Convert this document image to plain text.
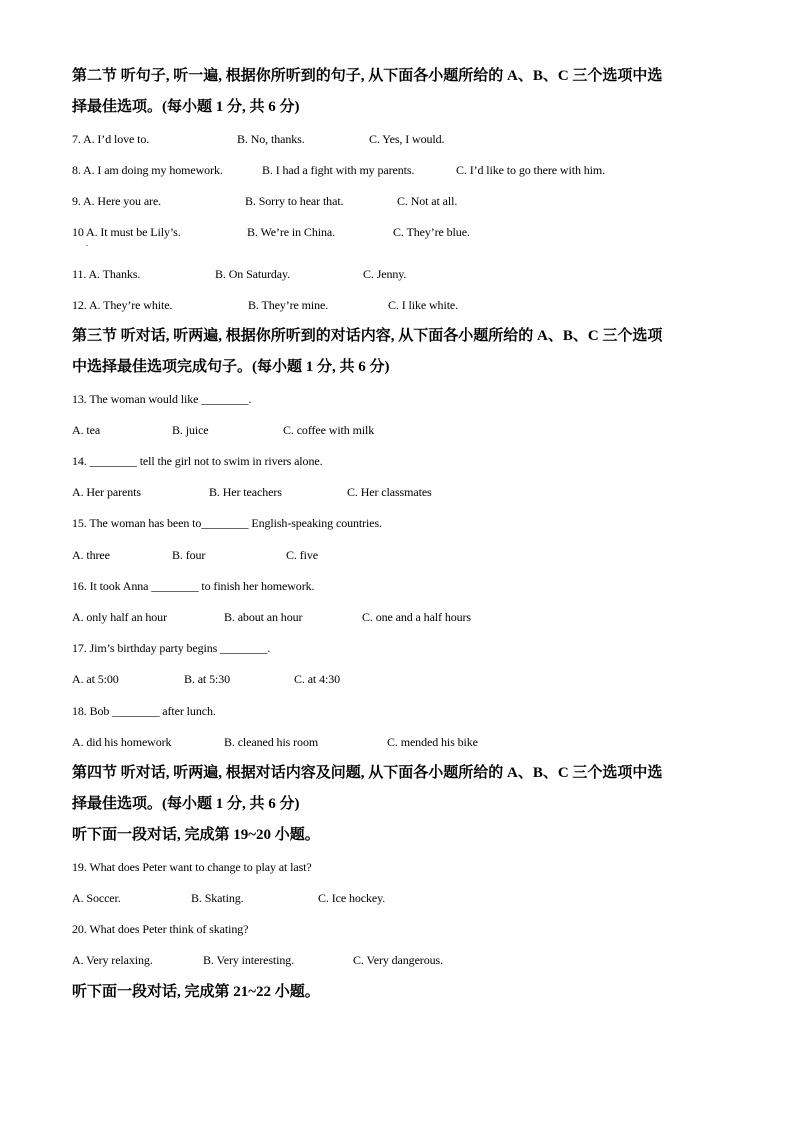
第二节 听句子, 听一遍, 根据你所听到的句子, 从下面各小题所给的 A、B、C 三个选项中选
择最佳选项。(每小题 1 分, 共 6 分)
7. A. I’d love to.	B. No, thanks.	C. Yes, I would.
8. A. I am doing my homework.	B. I had a fight with my parents.	C. I’d like to go there with him.
9. A. Here you are.	B. Sorry to hear that.	C. Not at all.
10 A. It must be Lily’s.	B. We’re in China.	C. They’re blue.
.
11. A. Thanks.	B. On Saturday.	C. Jenny.
12. A. They’re white.	B. They’re mine.	C. I like white.
第三节 听对话, 听两遍, 根据你所听到的对话内容, 从下面各小题所给的 A、B、C 三个选项
中选择最佳选项完成句子。(每小题 1 分, 共 6 分)
13. The woman would like ________.
A. tea	B. juice	C. coffee with milk
14. ________ tell the girl not to swim in rivers alone.
A. Her parents	B. Her teachers	C. Her classmates
15. The woman has been to________ English-speaking countries.
A. three	B. four	C. five
16. It took Anna ________ to finish her homework.
A. only half an hour	B. about an hour	C. one and a half hours
17. Jim’s birthday party begins ________.
A. at 5:00	B. at 5:30	C. at 4:30
18. Bob ________ after lunch.
A. did his homework	B. cleaned his room	C. mended his bike
第四节 听对话, 听两遍, 根据对话内容及问题, 从下面各小题所给的 A、B、C 三个选项中选
择最佳选项。(每小题 1 分, 共 6 分)
听下面一段对话, 完成第 19~20 小题。
19. What does Peter want to change to play at last?
A. Soccer.	B. Skating.	C. Ice hockey.
20. What does Peter think of skating?
A. Very relaxing.	B. Very interesting.	C. Very dangerous.
听下面一段对话, 完成第 21~22 小题。
